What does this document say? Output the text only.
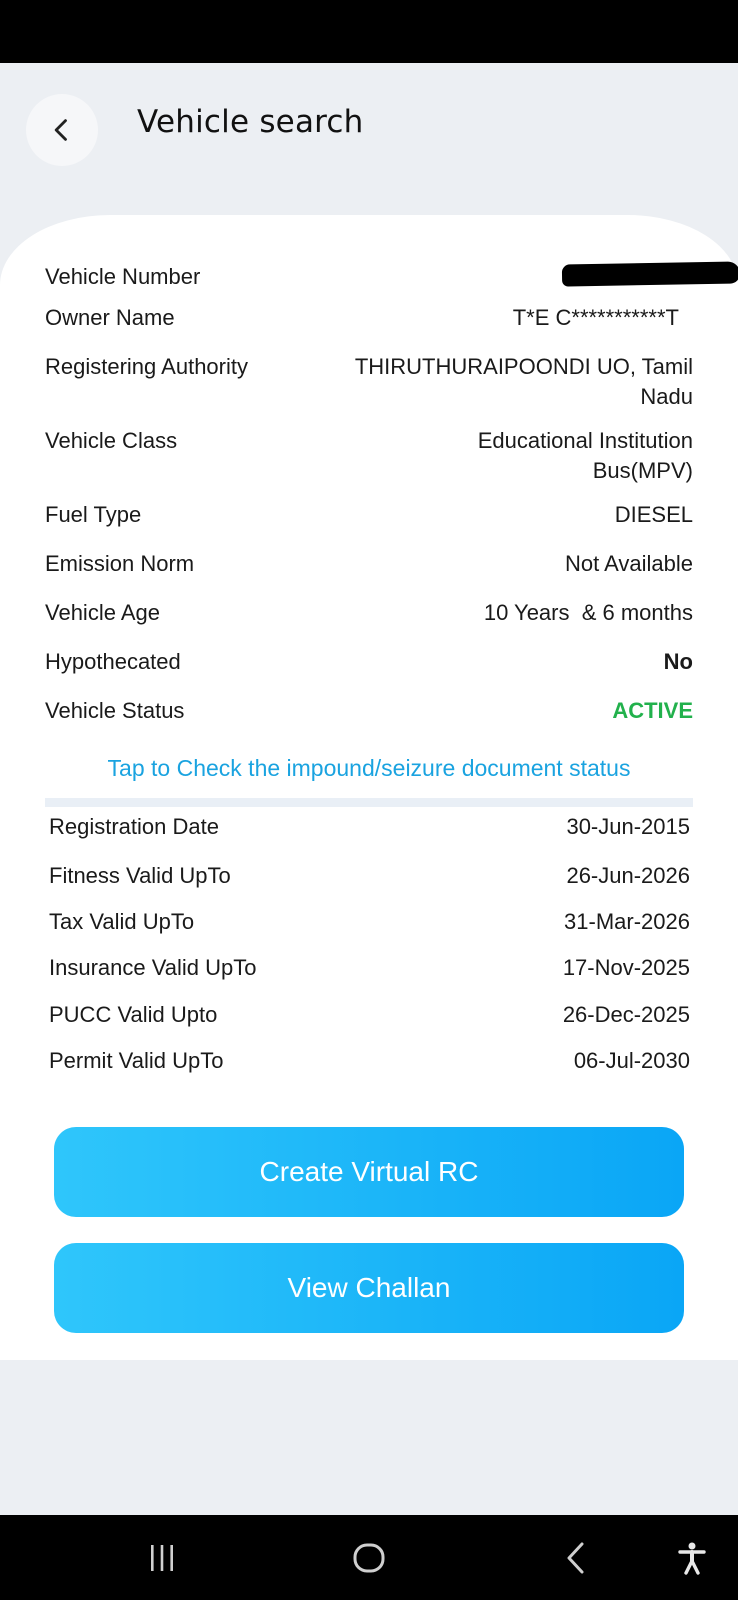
Vehicle search
Vehicle Number
Owner Name	T*E C***********T
Registering Authority	THIRUTHURAIPOONDI UO, Tamil
Nadu
Vehicle Class	Educational Institution
Bus(MPV)
Fuel Type	DIESEL
Emission Norm	Not Available
Vehicle Age	10 Years  & 6 months
Hypothecated	No
Vehicle Status	ACTIVE
Tap to Check the impound/seizure document status
Registration Date	30-Jun-2015
Fitness Valid UpTo	26-Jun-2026
Tax Valid UpTo	31-Mar-2026
Insurance Valid UpTo	17-Nov-2025
PUCC Valid Upto	26-Dec-2025
Permit Valid UpTo	06-Jul-2030
Create Virtual RC
View Challan
